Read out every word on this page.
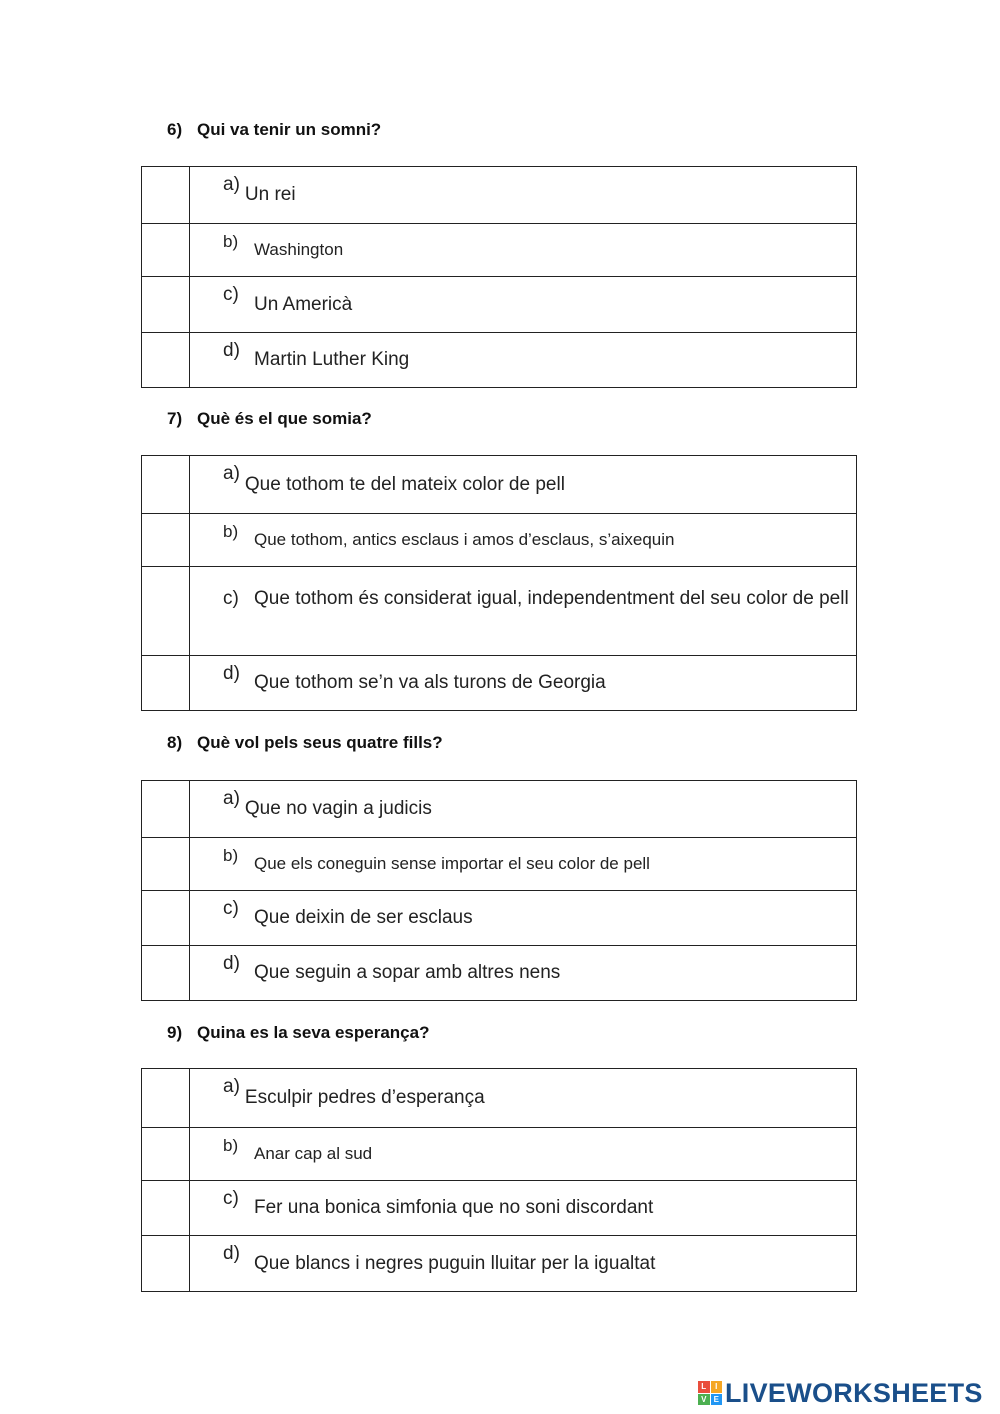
6) Qui va tenir un somni?
a) Un rei
b) Washington
c) Un Americà
d) Martin Luther King
7) Què és el que somia?
a) Que tothom te del mateix color de pell
b) Que tothom, antics esclaus i amos d’esclaus, s’aixequin
c) Que tothom és considerat igual, independentment del seu color de pell
d) Que tothom se’n va als turons de Georgia
8) Què vol pels seus quatre fills?
a) Que no vagin a judicis
b) Que els coneguin sense importar el seu color de pell
c) Que deixin de ser esclaus
d) Que seguin a sopar amb altres nens
9) Quina es la seva esperança?
a)
Esculpir pedres d’esperança
b) Anar cap al sud
c) Fer una bonica simfonia que no soni discordant
d) Que blancs i negres puguin lluitar per la igualtat
L	I
V E LIVEWORKSHEETS
